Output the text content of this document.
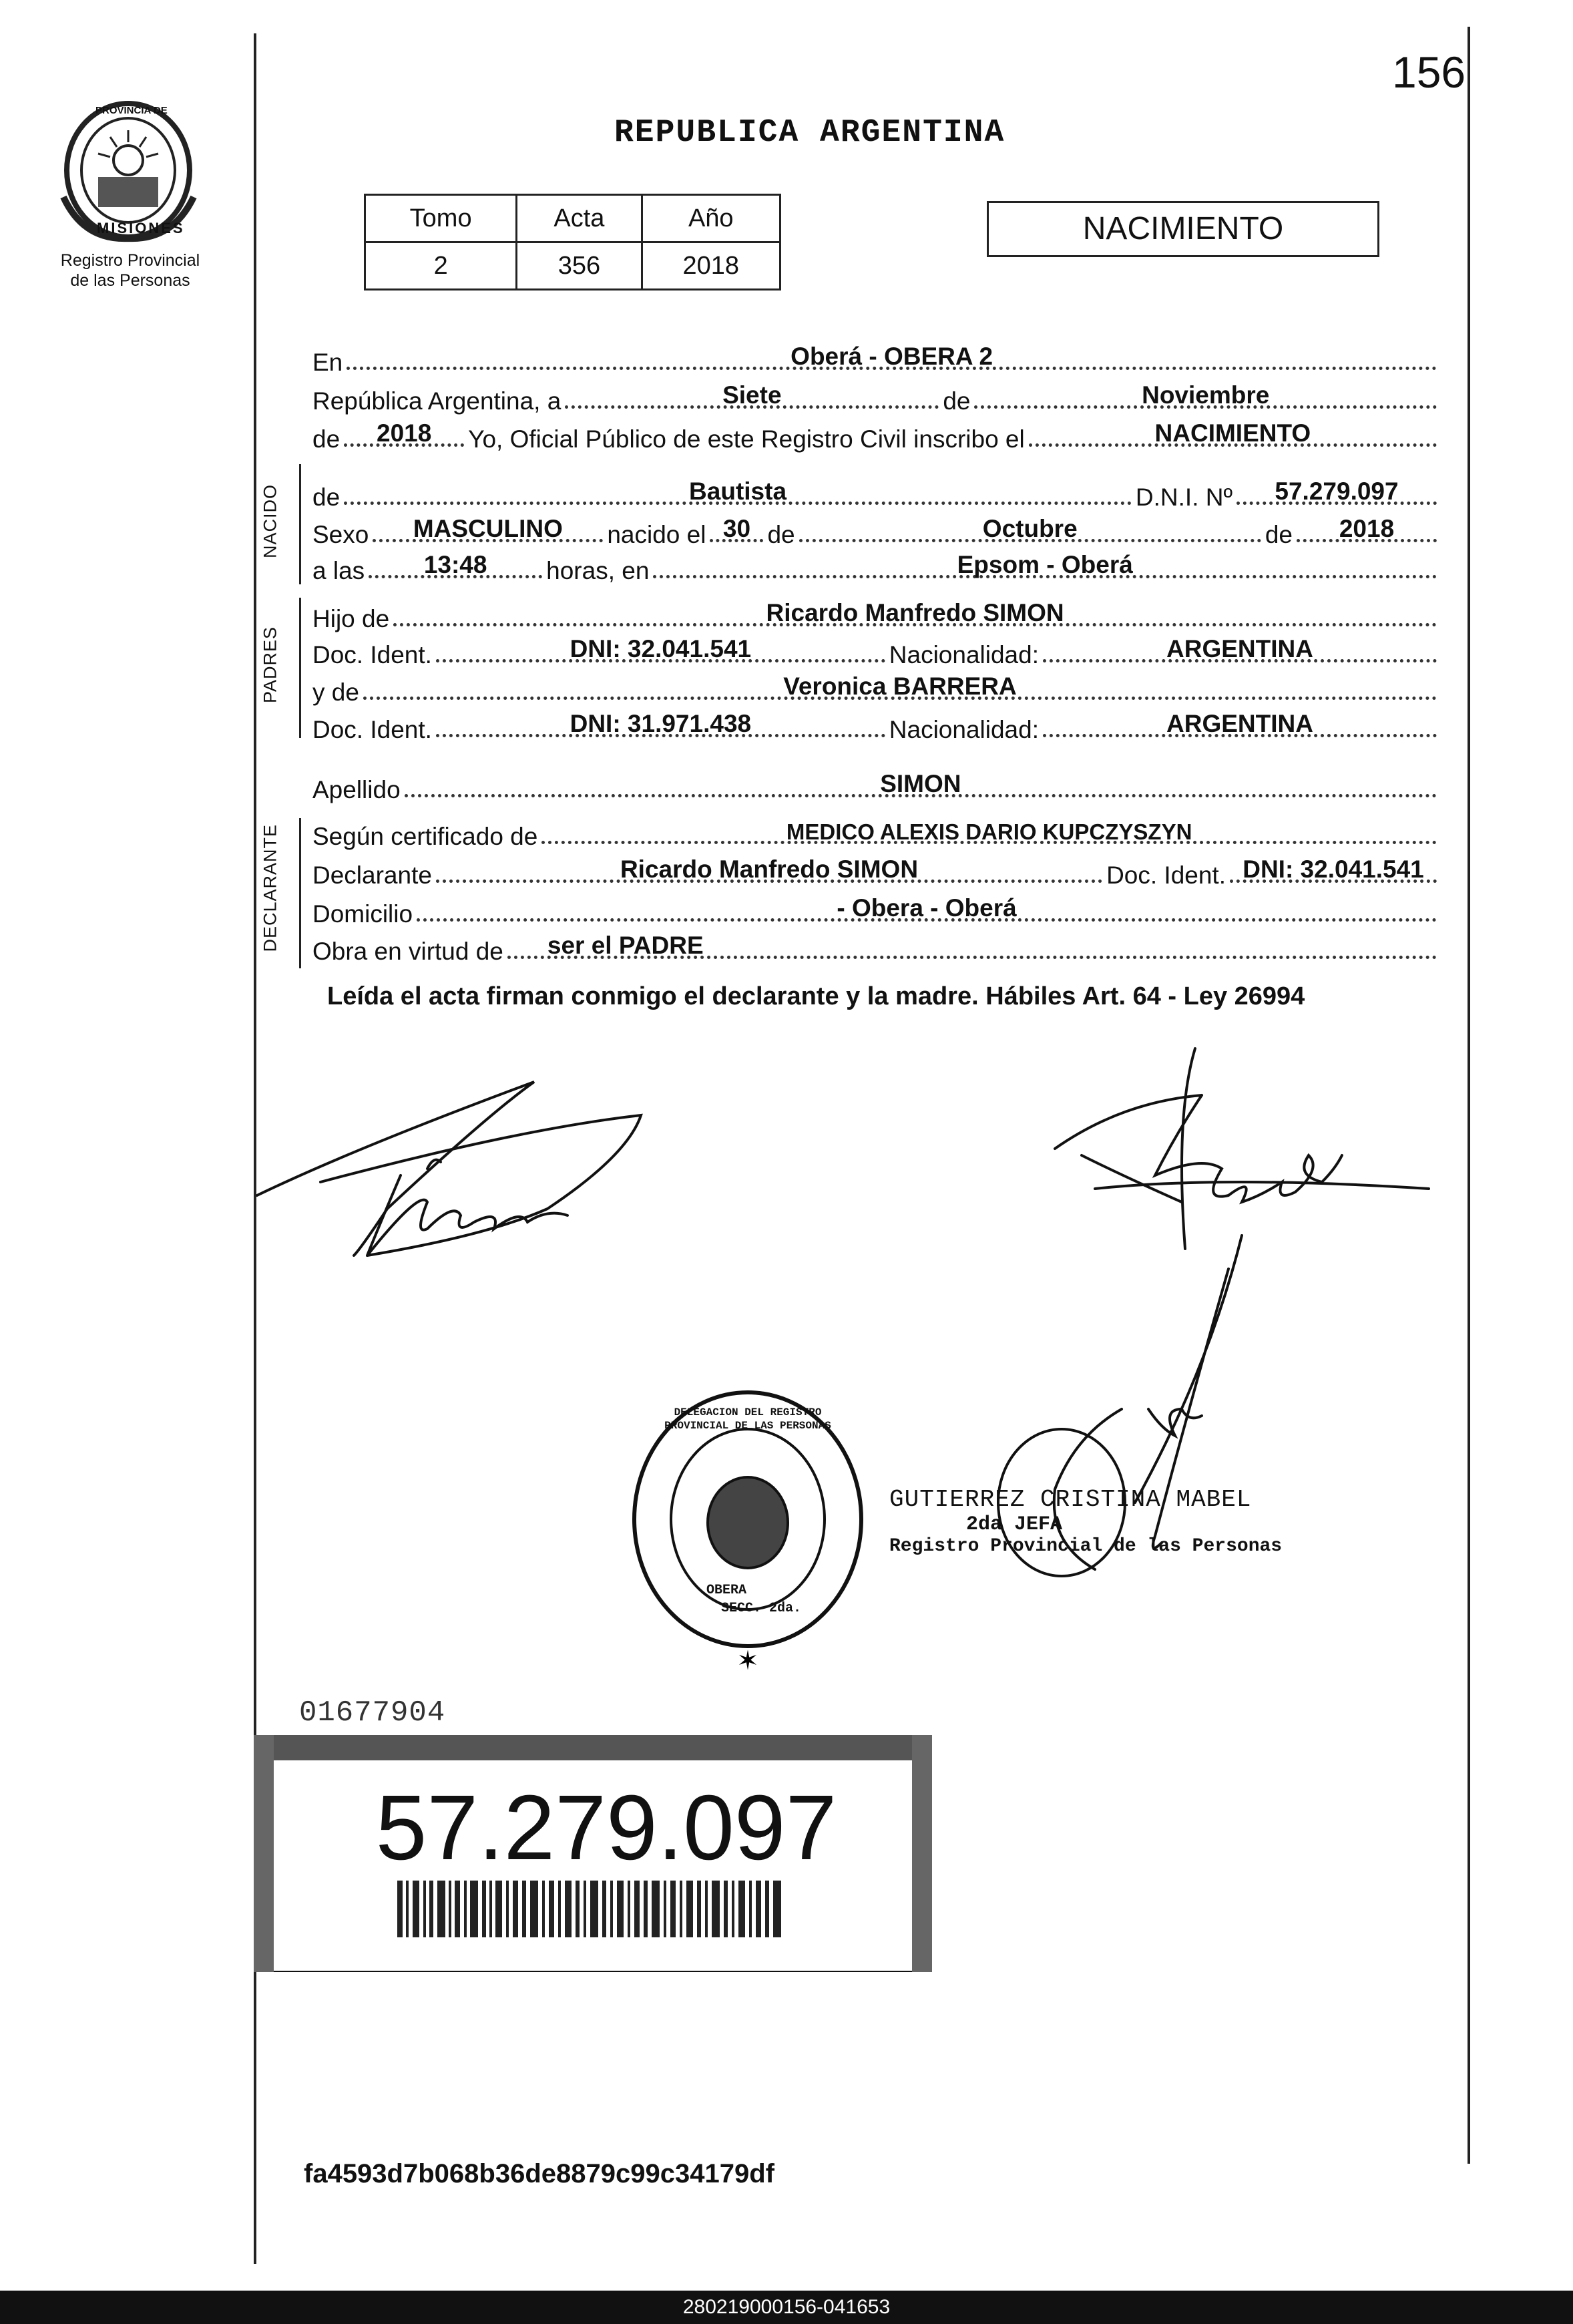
156
PROVINCIA DE
MISIONES
Registro Provincial
de las Personas
REPUBLICA ARGENTINA
Tomo	Acta	Año
2	356	2018
NACIMIENTO
En	Oberá - OBERA 2
República Argentina, a	Siete	de	Noviembre
de	2018	Yo, Oficial Público de este Registro Civil inscribo el	NACIMIENTO
NACIDO de	Bautista	D.N.I. Nº	57.279.097
Sexo	MASCULINO	nacido el 30 de	Octubre	de	2018
a las	13:48	horas, en	Epsom - Oberá
PADRES
Hijo de	Ricardo Manfredo SIMON
Doc. Ident.	DNI: 32.041.541	Nacionalidad:	ARGENTINA
y de	Veronica BARRERA
Doc. Ident.	DNI: 31.971.438	Nacionalidad:	ARGENTINA
Apellido	SIMON
DECLARANTE Según certificado de	MEDICO ALEXIS DARIO KUPCZYSZYN
Declarante	Ricardo Manfredo SIMON	Doc. Ident. DNI: 32.041.541
Domicilio	- Obera - Oberá
Obra en virtud de ser el PADRE
Leída el acta firman conmigo el declarante y la madre. Hábiles Art. 64 - Ley 26994
✶
DELEGACION DEL REGISTRO PROVINCIAL DE LAS PERSONAS
OBERA
SECC. 2da.
GUTIERREZ CRISTINA MABEL
2da JEFA
Registro Provincial de las Personas
01677904
57.279.097
fa4593d7b068b36de8879c99c34179df
280219000156-041653
